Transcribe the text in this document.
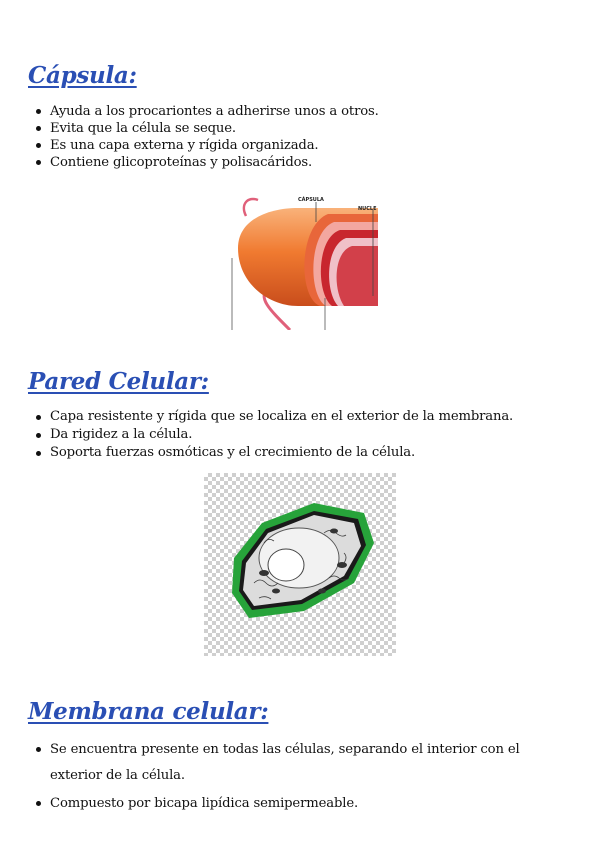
Cápsula:
Ayuda a los procariontes a adherirse unos a otros.
Evita que la célula se seque.
Es una capa externa y rígida organizada.
Contiene glicoproteínas y polisacáridos.
CÁPSULA
NUCLE
Pared Celular:
Capa resistente y rígida que se localiza en el exterior de la membrana.
Da rigidez a la célula.
Soporta fuerzas osmóticas y el crecimiento de la célula.
Membrana celular:
Se encuentra presente en todas las células, separando el interior con el exterior de la célula.
Compuesto por bicapa lipídica semipermeable.
